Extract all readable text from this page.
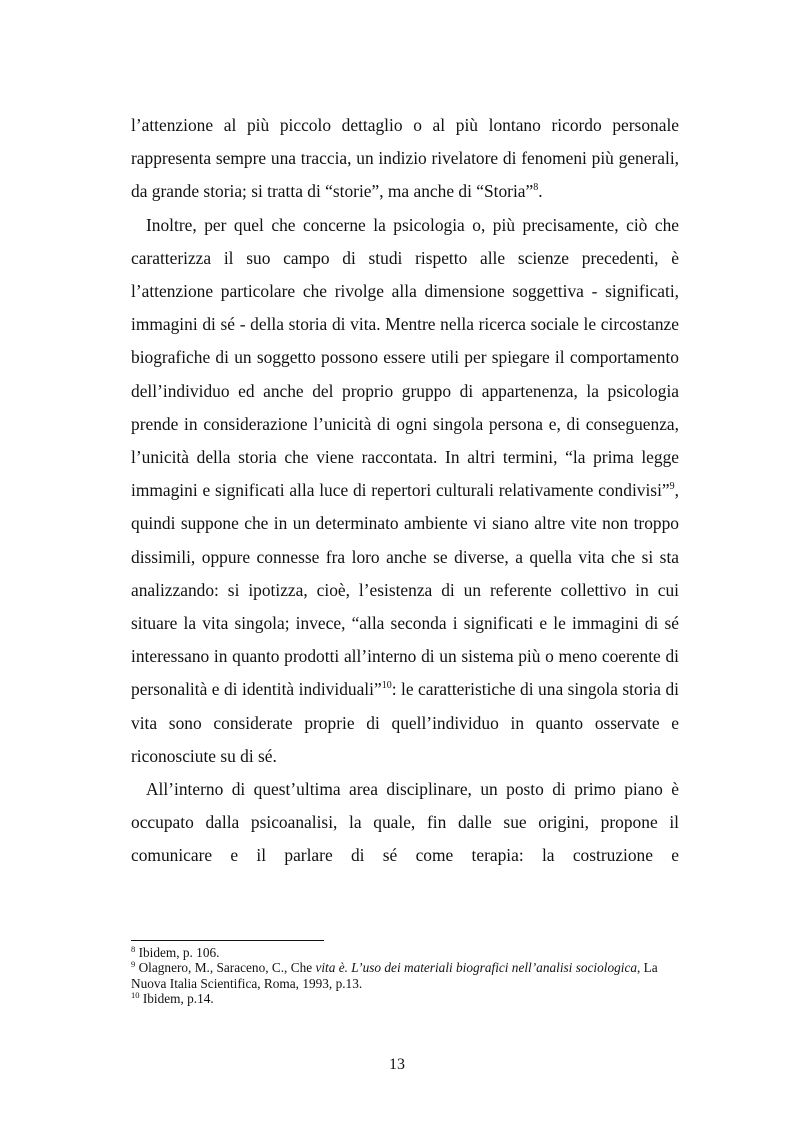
l’attenzione al più piccolo dettaglio o al più lontano ricordo personale rappresenta sempre una traccia, un indizio rivelatore di fenomeni più generali, da grande storia; si tratta di “storie”, ma anche di “Storia”$^8$.

Inoltre, per quel che concerne la psicologia o, più precisamente, ciò che caratterizza il suo campo di studi rispetto alle scienze precedenti, è l’attenzione particolare che rivolge alla dimensione soggettiva - significati, immagini di sé - della storia di vita. Mentre nella ricerca sociale le circostanze biografiche di un soggetto possono essere utili per spiegare il comportamento dell’individuo ed anche del proprio gruppo di appartenenza, la psicologia prende in considerazione l’unicità di ogni singola persona e, di conseguenza, l’unicità della storia che viene raccontata. In altri termini, “la prima legge immagini e significati alla luce di repertori culturali relativamente condivisi”$^9$, quindi suppone che in un determinato ambiente vi siano altre vite non troppo dissimili, oppure connesse fra loro anche se diverse, a quella vita che si sta analizzando: si ipotizza, cioè, l’esistenza di un referente collettivo in cui situare la vita singola; invece, “alla seconda i significati e le immagini di sé interessano in quanto prodotti all’interno di un sistema più o meno coerente di personalità e di identità individuali”$^{10}$: le caratteristiche di una singola storia di vita sono considerate proprie di quell’individuo in quanto osservate e riconosciute su di sé.

All’interno di quest’ultima area disciplinare, un posto di primo piano è occupato dalla psicoanalisi, la quale, fin dalle sue origini, propone il comunicare e il parlare di sé come terapia: la costruzione e

$^8$ Ibidem, p. 106.

$^9$ Olagnero, M., Saraceno, C., Che vita è. L’uso dei materiali biografici nell’analisi sociologica, La Nuova Italia Scientifica, Roma, 1993, p.13.

$^{10}$ Ibidem, p.14.

13
